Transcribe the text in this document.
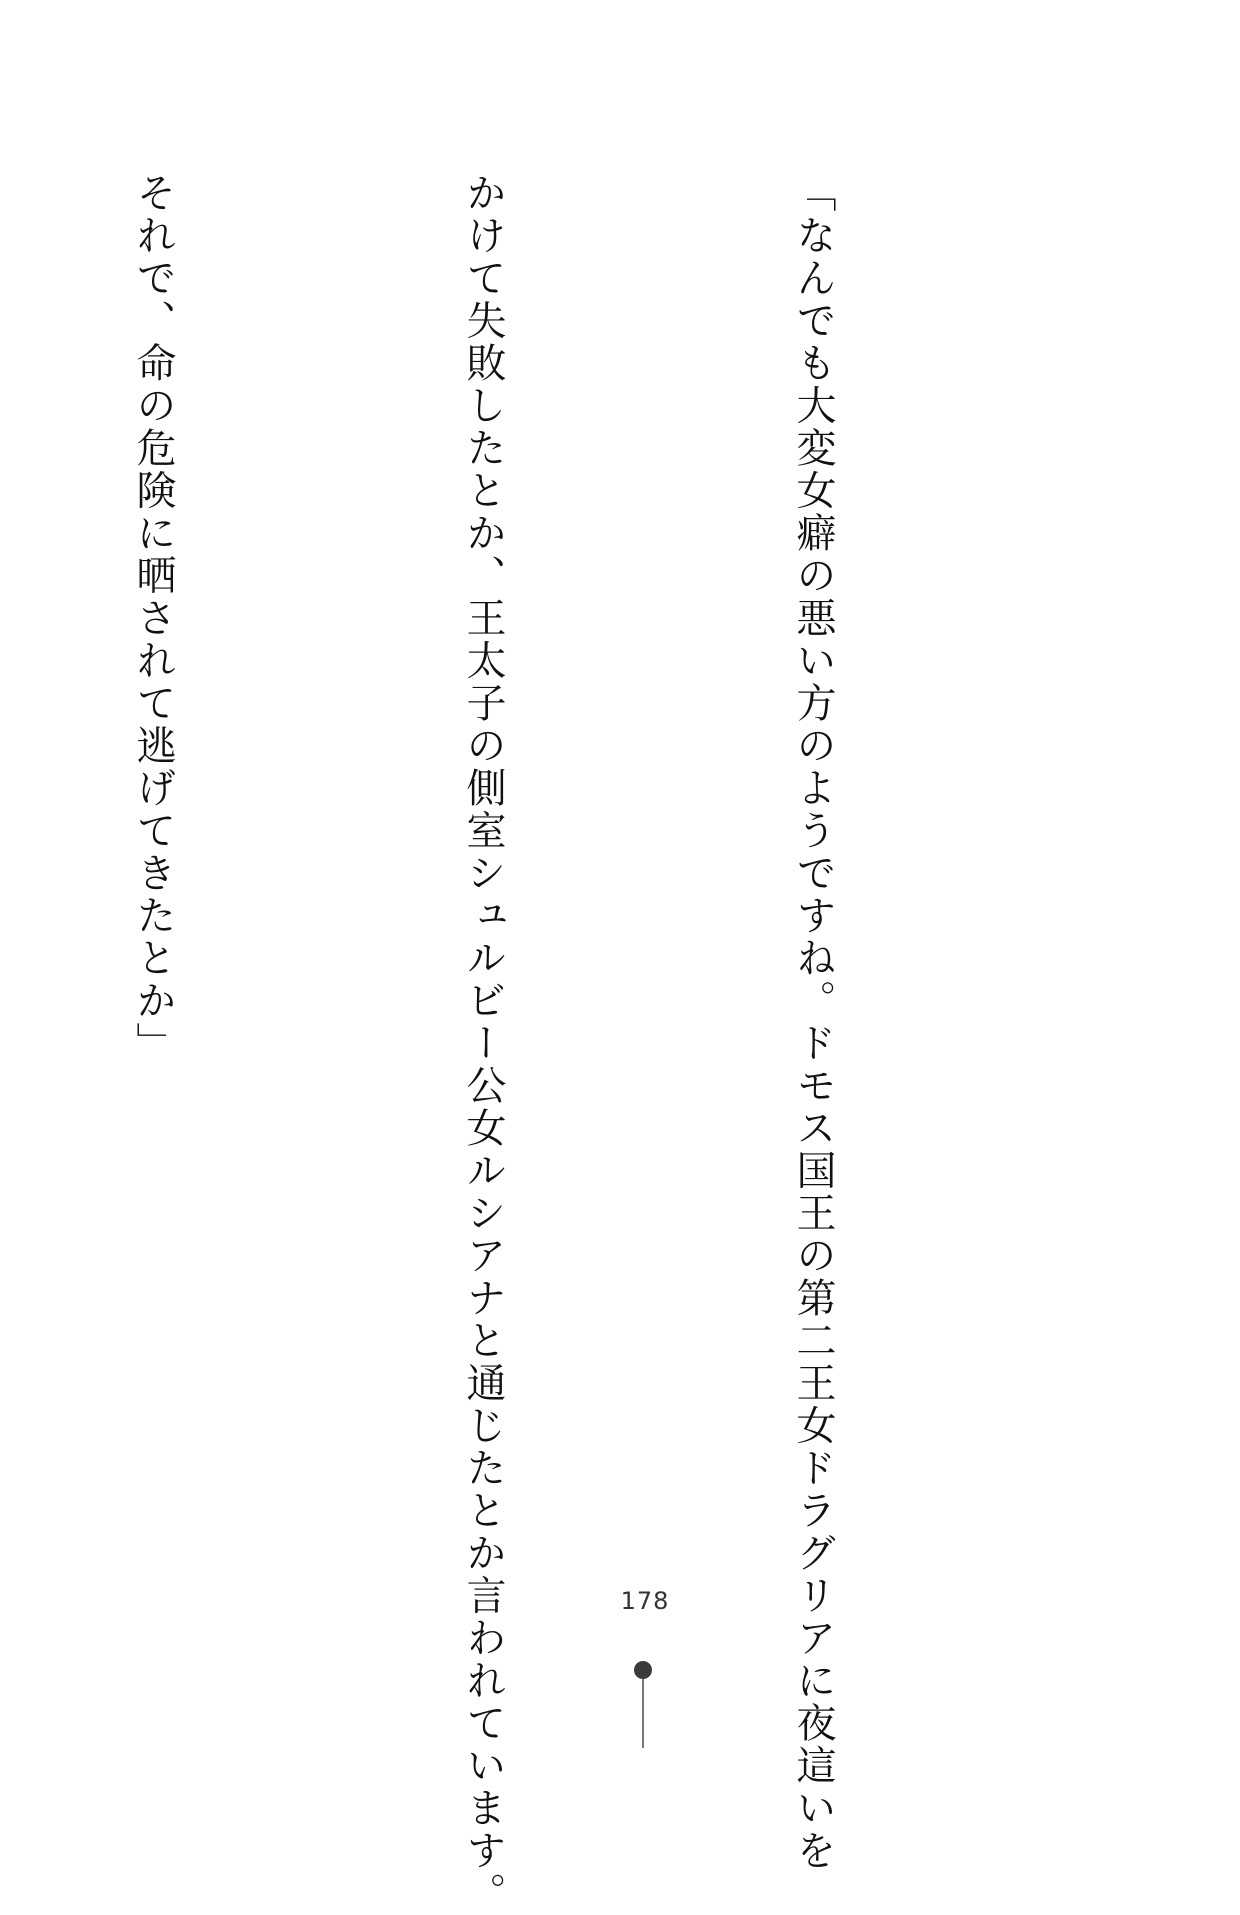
「なんでも大変女癖の悪い方のようですね。ドモス国王の第二王女ドラグリアに夜這いを

かけて失敗したとか、王太子の側室シュルビー公女ルシアナと通じたとか言われています。

それで、命の危険に晒されて逃げてきたとか」

178
